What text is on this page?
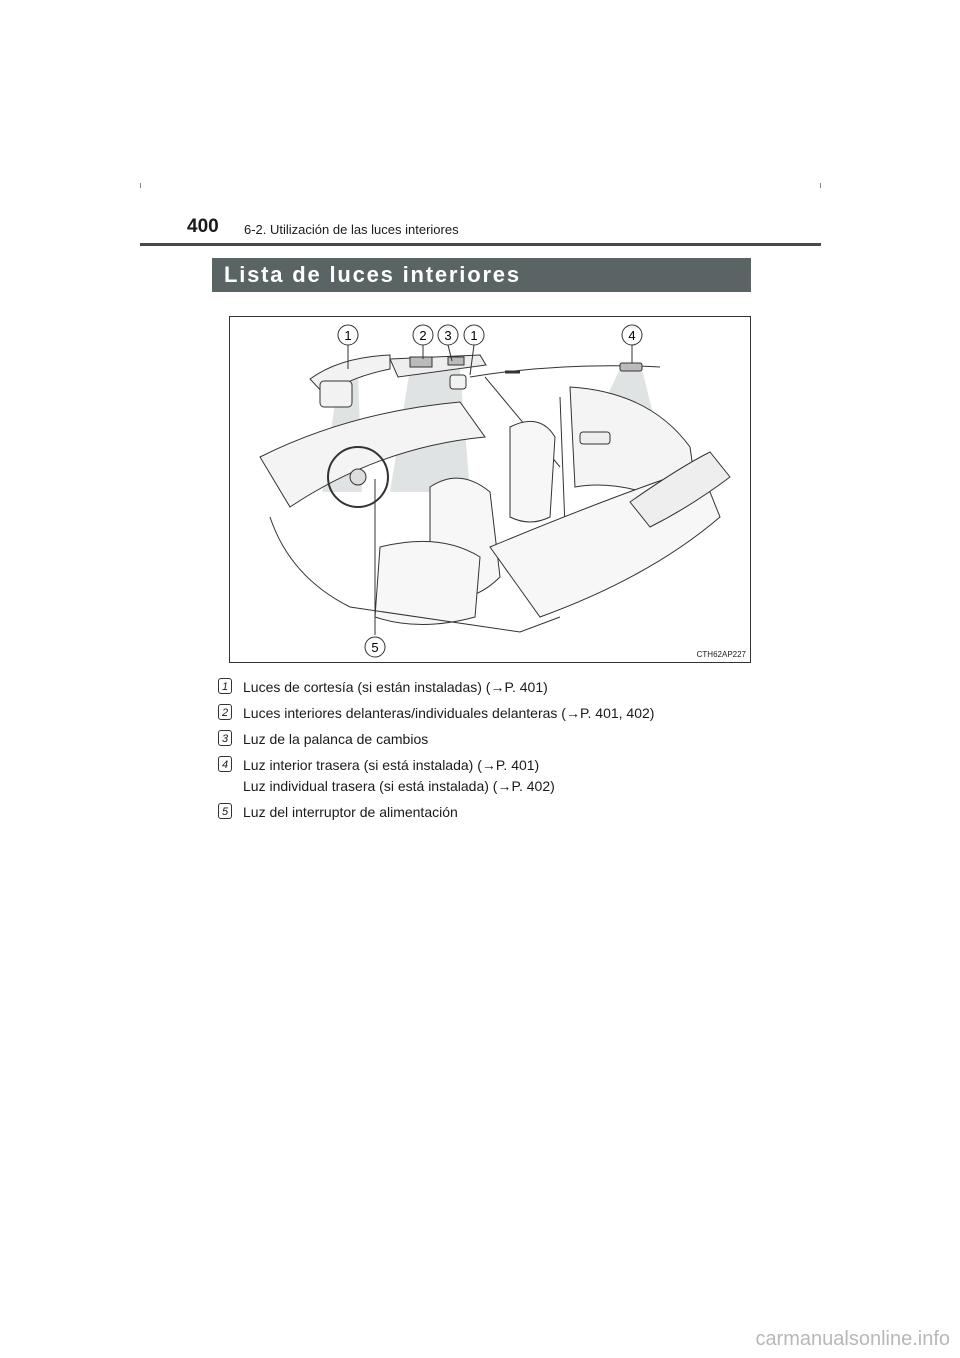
400 6-2. Utilización de las luces interiores
Lista de luces interiores
1	2 3 1	4
5	CTH62AP227
1 Luces de cortesía (si están instaladas) (→P. 401)
2 Luces interiores delanteras/individuales delanteras (→P. 401, 402)
3 Luz de la palanca de cambios
4 Luz interior trasera (si está instalada) (→P. 401)
Luz individual trasera (si está instalada) (→P. 402)
5 Luz del interruptor de alimentación
carmanualsonline.info
